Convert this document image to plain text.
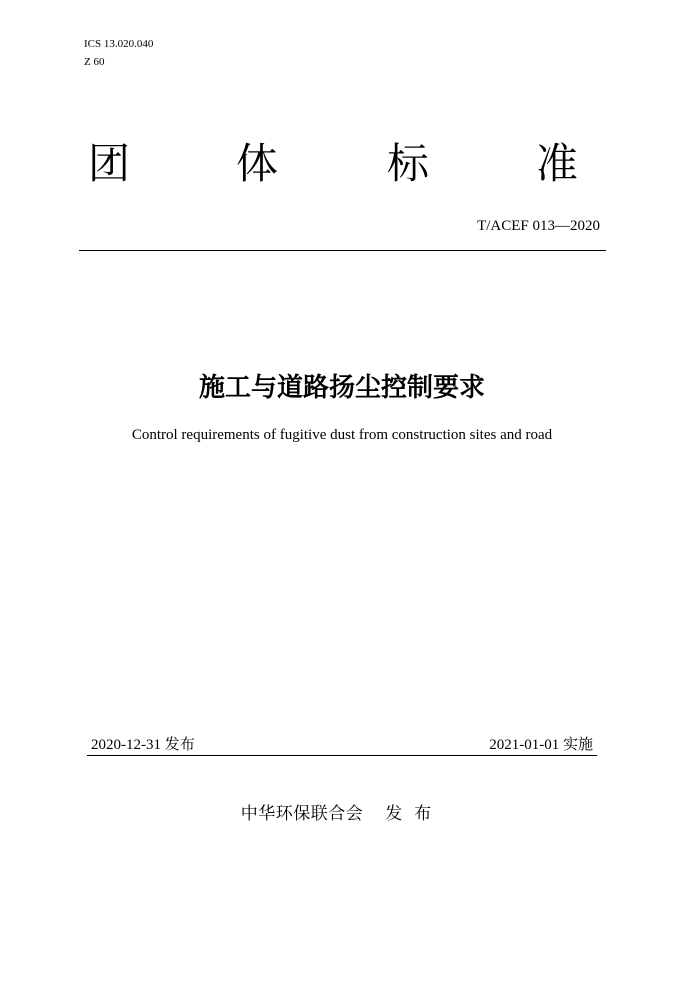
ICS 13.020.040
Z 60
团	体	标	准
T/ACEF 013—2020
施工与道路扬尘控制要求
Control requirements of fugitive dust from construction sites and road
2020-12-31 发布	2021-01-01 实施
中华环保联合会 发布
